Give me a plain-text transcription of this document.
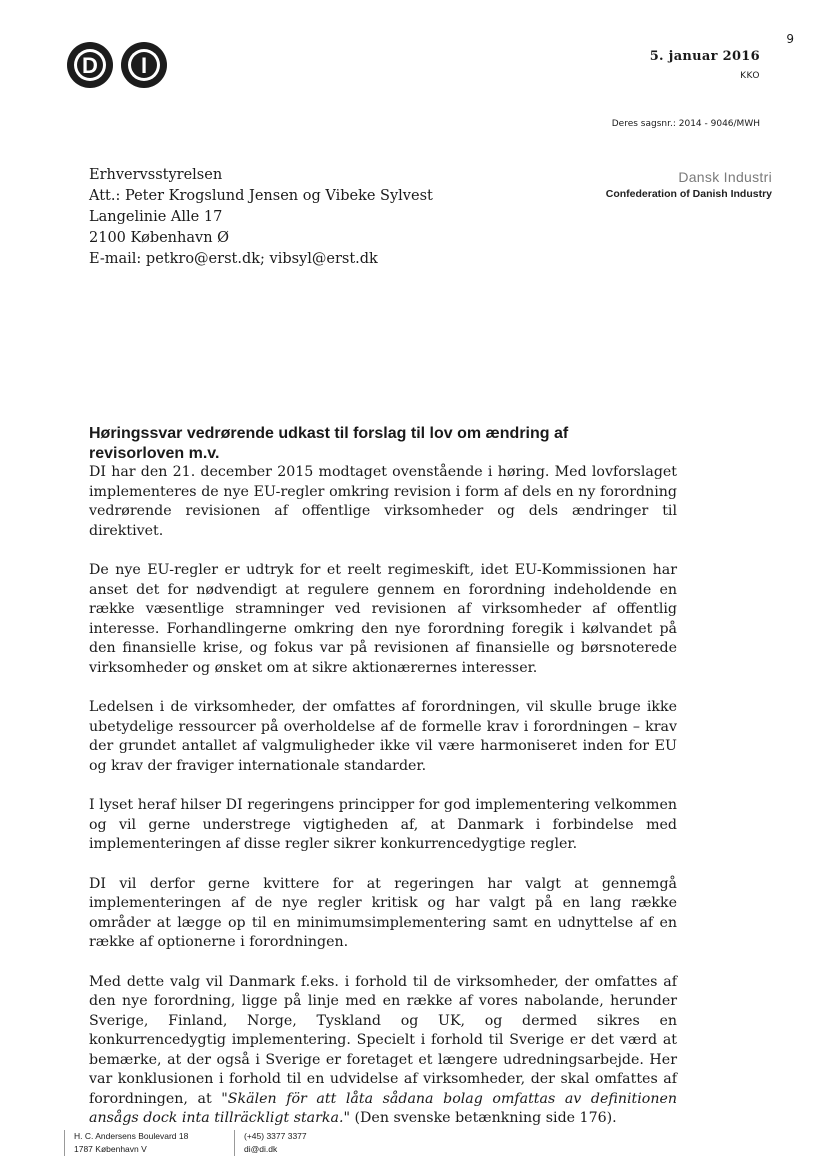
D I
9
5. januar 2016
KKO
Deres sagsnr.: 2014 - 9046/MWH
Erhvervsstyrelsen
Att.: Peter Krogslund Jensen og Vibeke Sylvest
Langelinie Alle 17
2100 København Ø
E-mail: petkro@erst.dk; vibsyl@erst.dk
Dansk Industri
Confederation of Danish Industry
Høringssvar vedrørende udkast til forslag til lov om ændring af revisorloven m.v.

DI har den 21. december 2015 modtaget ovenstående i høring. Med lovforslaget implementeres de nye EU-regler omkring revision i form af dels en ny forordning vedrørende revisionen af offentlige virksomheder og dels ændringer til direktivet.

De nye EU-regler er udtryk for et reelt regimeskift, idet EU-Kommissionen har anset det for nødvendigt at regulere gennem en forordning indeholdende en række væsentlige stramninger ved revisionen af virksomheder af offentlig interesse. Forhandlingerne omkring den nye forordning foregik i kølvandet på den finansielle krise, og fokus var på revisionen af finansielle og børsnoterede virksomheder og ønsket om at sikre aktionærernes interesser.

Ledelsen i de virksomheder, der omfattes af forordningen, vil skulle bruge ikke ubetydelige ressourcer på overholdelse af de formelle krav i forordningen – krav der grundet antallet af valgmuligheder ikke vil være harmoniseret inden for EU og krav der fraviger internationale standarder.

I lyset heraf hilser DI regeringens principper for god implementering velkommen og vil gerne understrege vigtigheden af, at Danmark i forbindelse med implementeringen af disse regler sikrer konkurrencedygtige regler.

DI vil derfor gerne kvittere for at regeringen har valgt at gennemgå implementeringen af de nye regler kritisk og har valgt på en lang række områder at lægge op til en minimumsimplementering samt en udnyttelse af en række af optionerne i forordningen.

Med dette valg vil Danmark f.eks. i forhold til de virksomheder, der omfattes af den nye forordning, ligge på linje med en række af vores nabolande, herunder Sverige, Finland, Norge, Tyskland og UK, og dermed sikres en konkurrencedygtig implementering. Specielt i forhold til Sverige er det værd at bemærke, at der også i Sverige er foretaget et længere udredningsarbejde. Her var konklusionen i forhold til en udvidelse af virksomheder, der skal omfattes af forordningen, at "Skälen för att låta sådana bolag omfattas av definitionen ansågs dock inta tillräckligt starka." (Den svenske betænkning side 176).

H. C. Andersens Boulevard 18
1787 København V
(+45) 3377 3377
di@di.dk
